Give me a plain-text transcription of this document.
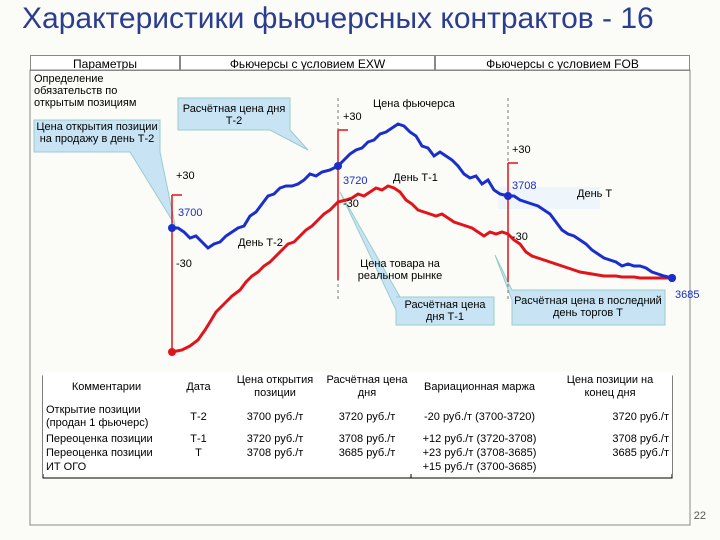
Характеристики фьючерсных контрактов - 16
Параметры	Фьючерсы с условием EXW	Фьючерсы с условием FOB
Определение обязательств по открытым позициям
Цена открытия позиции на продажу в день Т-2
Расчётная цена дня Т-2
Цена фьючерса
+30
+30
+30
3720 День Т-1
3708
День Т
-30
3700
-30
День Т-2
-30	Цена товара на реальном рынке
3685
Расчётная цена дня Т-1
Расчётная цена в последний день торгов Т
Комментарии	Дата	Цена открытия позиции	Расчётная цена дня	Вариационная маржа	Цена позиции на конец дня
Открытие позиции (продан 1 фьючерс)	Т-2	3700 руб./т	3720 руб./т	-20 руб./т (3700-3720)	3720 руб./т
Переоценка позиции	Т-1	3720 руб./т	3708 руб./т	+12 руб./т (3720-3708)	3708 руб./т
Переоценка позиции	Т	3708 руб./т	3685 руб./т	+23 руб./т (3708-3685)	3685 руб./т
ИТ ОГО				+15 руб./т (3700-3685)	
22
